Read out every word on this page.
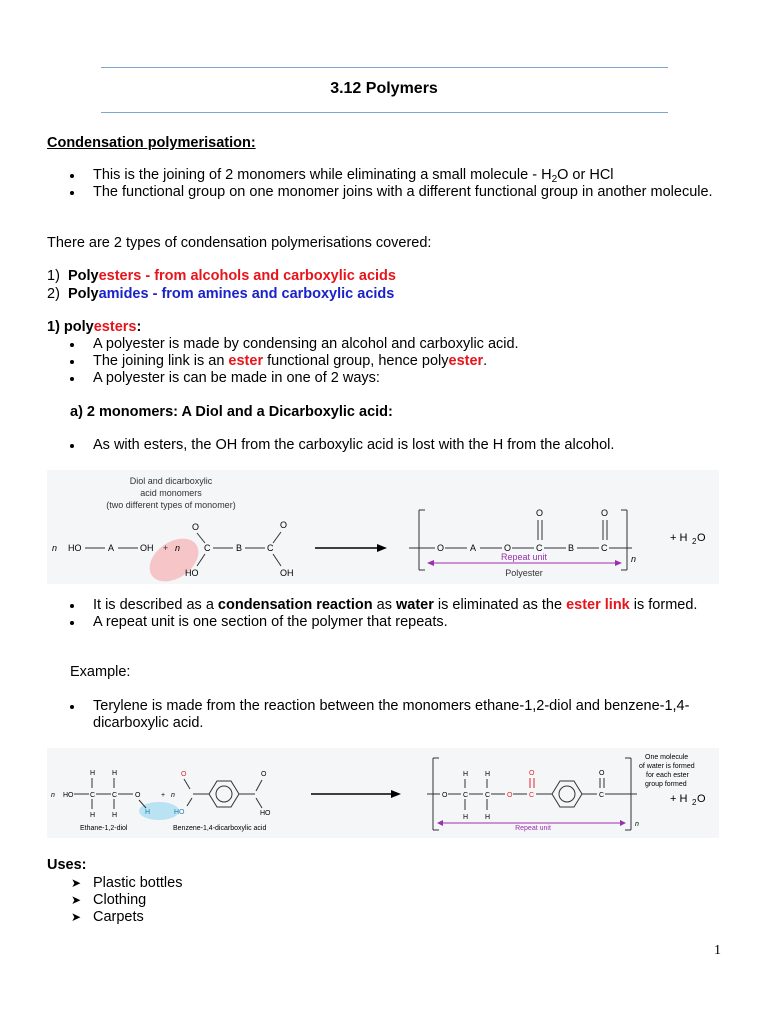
3.12 Polymers
Condensation polymerisation:
This is the joining of 2 monomers while eliminating a small molecule - $H_2O$ or HCl
The functional group on one monomer joins with a different functional group in another molecule.
There are 2 types of condensation polymerisations covered:
1) Polyesters - from alcohols and carboxylic acids
2) Polyamides - from amines and carboxylic acids
1) polyesters:
A polyester is made by condensing an alcohol and carboxylic acid.
The joining link is an ester functional group, hence polyester.
A polyester is can be made in one of 2 ways:
a) 2 monomers: A Diol and a Dicarboxylic acid:
As with esters, the OH from the carboxylic acid is lost with the H from the alcohol.
Diol and dicarboxylic
acid monomers
(two different types of monomer)
n HO	A	OH + n
O
C
HO
B	C
O
OH
O	A	O	C
O
B	C
O
n
Repeat unit
Polyester
+ H 2 O
It is described as a condensation reaction as water is eliminated as the ester link is formed.
A repeat unit is one section of the polymer that repeats.
Example:
Terylene is made from the reaction between the monomers ethane-1,2-diol and benzene-1,4-dicarboxylic acid.
n HO C C
H H
H H
O
H
+ n
HO
O	O
HO
Ethane-1,2-diol	Benzene-1,4-dicarboxylic acid
O C
H
H
C
H
H
O C
O
C
O
n
Repeat unit
One molecule
of water is formed
for each ester
group formed
+ H 2 O
Uses:
➤ Plastic bottles
➤ Clothing
➤ Carpets
1
